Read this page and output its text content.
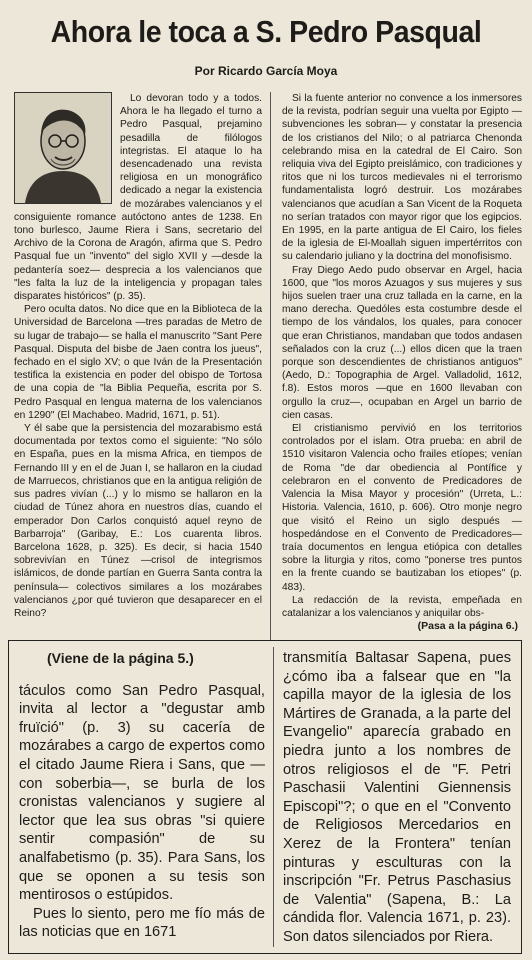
Ahora le toca a S. Pedro Pasqual
Por Ricardo García Moya

Lo devoran todo y a todos. Ahora le ha llegado el turno a Pedro Pasqual, prejamino pesadilla de filólogos integristas. El ataque lo ha desencadenado una revista religiosa en un monográfico dedicado a negar la existencia de mozárabes valencianos y el consiguiente romance autóctono antes de 1238. En tono burlesco, Jaume Riera i Sans, secretario del Archivo de la Corona de Aragón, afirma que S. Pedro Pasqual fue un "invento" del siglo XVII y —desde la pedantería soez— desprecia a los valencianos que "les falta la luz de la inteligencia y propagan tales disparates históricos" (p. 35).

Pero oculta datos. No dice que en la Biblioteca de la Universidad de Barcelona —tres paradas de Metro de su lugar de trabajo— se halla el manuscrito "Sant Pere Pasqual. Disputa del bisbe de Jaen contra los jueus", fechado en el siglo XV; o que Iván de la Presentación testifica la existencia en poder del obispo de Tortosa de una copia de "la Biblia Pequeña, escrita por S. Pedro Pasqual en lengua materna de los valencianos en 1290" (El Machabeo. Madrid, 1671, p. 51).

Y él sabe que la persistencia del mozarabismo está documentada por textos como el siguiente: "No sólo en España, pues en la misma Africa, en tiempos de Fernando III y en el de Juan I, se hallaron en la ciudad de Marruecos, christianos que en la antigua religión de sus padres vivían (...) y lo mismo se hallaron en la ciudad de Túnez ahora en nuestros días, cuando el emperador Don Carlos conquistó aquel reyno de Barbarroja" (Garibay, E.: Los cuarenta libros. Barcelona 1628, p. 325). Es decir, si hacia 1540 sobrevivían en Túnez —crisol de integrismos islámicos, de donde partían en Guerra Santa contra la península— colectivos similares a los mozárabes valencianos ¿por qué tuvieron que desaparecer en el Reino?

Si la fuente anterior no convence a los inmersores de la revista, podrían seguir una vuelta por Egipto —subvenciones les sobran— y constatar la presencia de los cristianos del Nilo; o al patriarca Chenonda celebrando misa en la catedral de El Cairo. Son reliquia viva del Egipto preislámico, con tradiciones y ritos que ni los turcos medievales ni el terrorismo fundamentalista logró destruir. Los mozárabes valencianos que acudían a San Vicent de la Roqueta no serían tratados con mayor rigor que los egipcios. En 1995, en la parte antigua de El Cairo, los fieles de la iglesia de El-Moallah siguen impertérritos con su calendario juliano y la doctrina del monofisismo.

Fray Diego Aedo pudo observar en Argel, hacia 1600, que "los moros Azuagos y sus mujeres y sus hijos suelen traer una cruz tallada en la carne, en la mano derecha. Quedóles esta costumbre desde el tiempo de los vándalos, los quales, para conocer que eran Christianos, mandaban que todos andasen señalados con la cruz (...) ellos dicen que la traen porque son descendientes de christianos antiguos" (Aedo, D.: Topographia de Argel. Valladolid, 1612, f.8). Estos moros —que en 1600 llevaban con orgullo la cruz—, ocupaban en Argel un barrio de cien casas.

El cristianismo pervivió en los territorios controlados por el islam. Otra prueba: en abril de 1510 visitaron Valencia ocho frailes etíopes; venían de Roma "de dar obediencia al Pontífice y celebraron en el convento de Predicadores de Valencia la Misa Mayor y procesión" (Urreta, L.: Historia. Valencia, 1610, p. 606). Otro monje negro que visitó el Reino un siglo después —hospedándose en el Convento de Predicadores— traía documentos en lengua etiópica con detalles sobre la liturgia y ritos, como "ponerse tres puntos en la frente cuando se bautizaban los etiopes" (p. 483).

La redacción de la revista, empeñada en catalanizar a los valencianos y aniquilar obs-

(Pasa a la página 6.)

(Viene de la página 5.)

táculos como San Pedro Pasqual, invita al lector a "degustar amb fruïció" (p. 3) su cacería de mozárabes a cargo de expertos como el citado Jaume Riera i Sans, que —con soberbia—, se burla de los cronistas valencianos y sugiere al lector que lea sus obras "si quiere sentir compasión" de su analfabetismo (p. 35). Para Sans, los que se oponen a su tesis son mentirosos o estúpidos.

Pues lo siento, pero me fío más de las noticias que en 1671

transmitía Baltasar Sapena, pues ¿cómo iba a falsear que en "la capilla mayor de la iglesia de los Mártires de Granada, a la parte del Evangelio" aparecía grabado en piedra junto a los nombres de otros religiosos el de "F. Petri Paschasii Valentini Giennensis Episcopi"?; o que en el "Convento de Religiosos Mercedarios en Xerez de la Frontera" tenían pinturas y esculturas con la inscripción "Fr. Petrus Paschasius de Valentia" (Sapena, B.: La cándida flor. Valencia 1671, p. 23). Son datos silenciados por Riera.
